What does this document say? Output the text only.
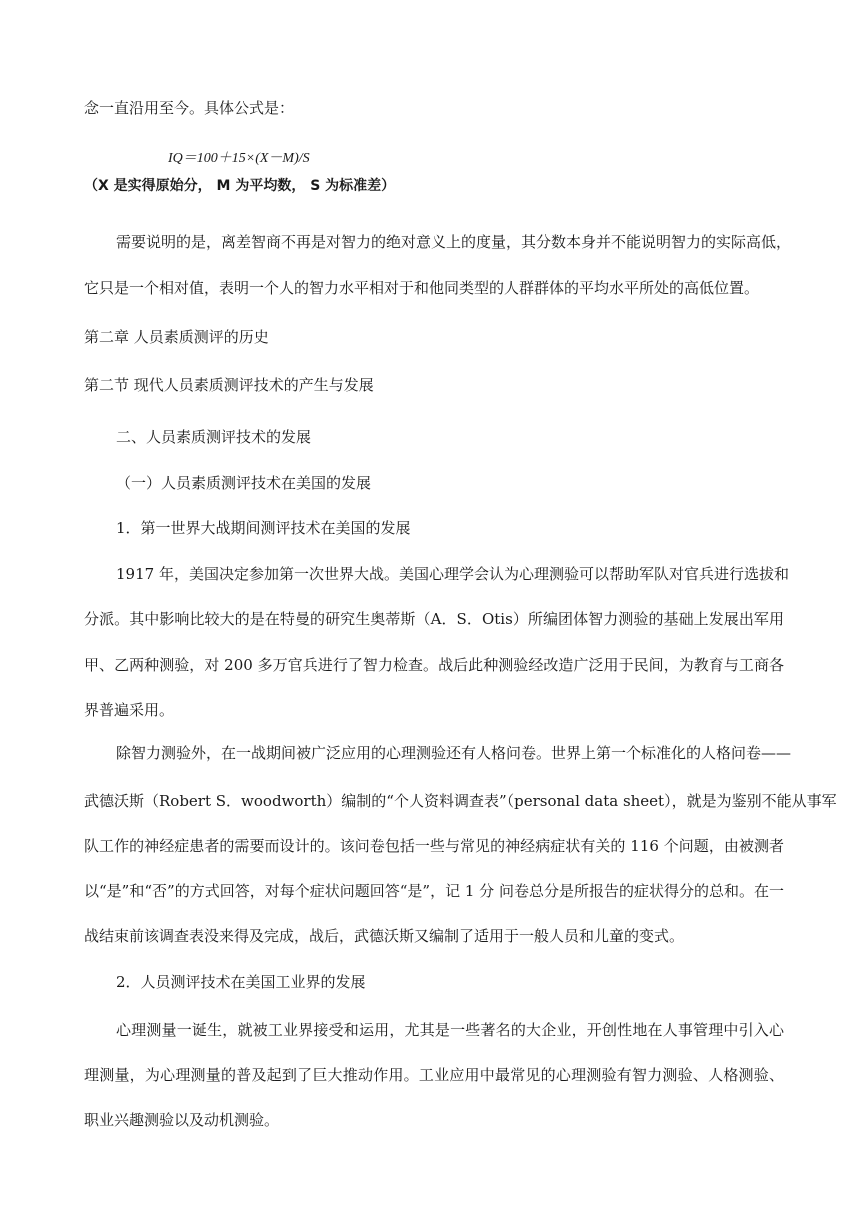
念一直沿用至今。具体公式是：
IQ＝100＋15×(X－M)/S
（X 是实得原始分， M 为平均数， S 为标准差）
需要说明的是，离差智商不再是对智力的绝对意义上的度量，其分数本身并不能说明智力的实际高低，
它只是一个相对值，表明一个人的智力水平相对于和他同类型的人群群体的平均水平所处的高低位置。
第二章 人员素质测评的历史
第二节 现代人员素质测评技术的产生与发展
二、人员素质测评技术的发展
（一）人员素质测评技术在美国的发展
1．第一世界大战期间测评技术在美国的发展
1917 年，美国决定参加第一次世界大战。美国心理学会认为心理测验可以帮助军队对官兵进行选拔和
分派。其中影响比较大的是在特曼的研究生奥蒂斯（A．S．Otis）所编团体智力测验的基础上发展出军用
甲、乙两种测验，对 200 多万官兵进行了智力检查。战后此种测验经改造广泛用于民间，为教育与工商各
界普遍采用。
除智力测验外，在一战期间被广泛应用的心理测验还有人格问卷。世界上第一个标准化的人格问卷——
武德沃斯（Robert S．woodworth）编制的“个人资料调查表”（personal data sheet），就是为鉴别不能从事军
队工作的神经症患者的需要而设计的。该问卷包括一些与常见的神经病症状有关的 116 个问题，由被测者
以“是”和“否”的方式回答，对每个症状问题回答“是”，记 1 分 问卷总分是所报告的症状得分的总和。在一
战结束前该调查表没来得及完成，战后，武德沃斯又编制了适用于一般人员和儿童的变式。
2．人员测评技术在美国工业界的发展
心理测量一诞生，就被工业界接受和运用，尤其是一些著名的大企业，开创性地在人事管理中引入心
理测量，为心理测量的普及起到了巨大推动作用。工业应用中最常见的心理测验有智力测验、人格测验、
职业兴趣测验以及动机测验。
